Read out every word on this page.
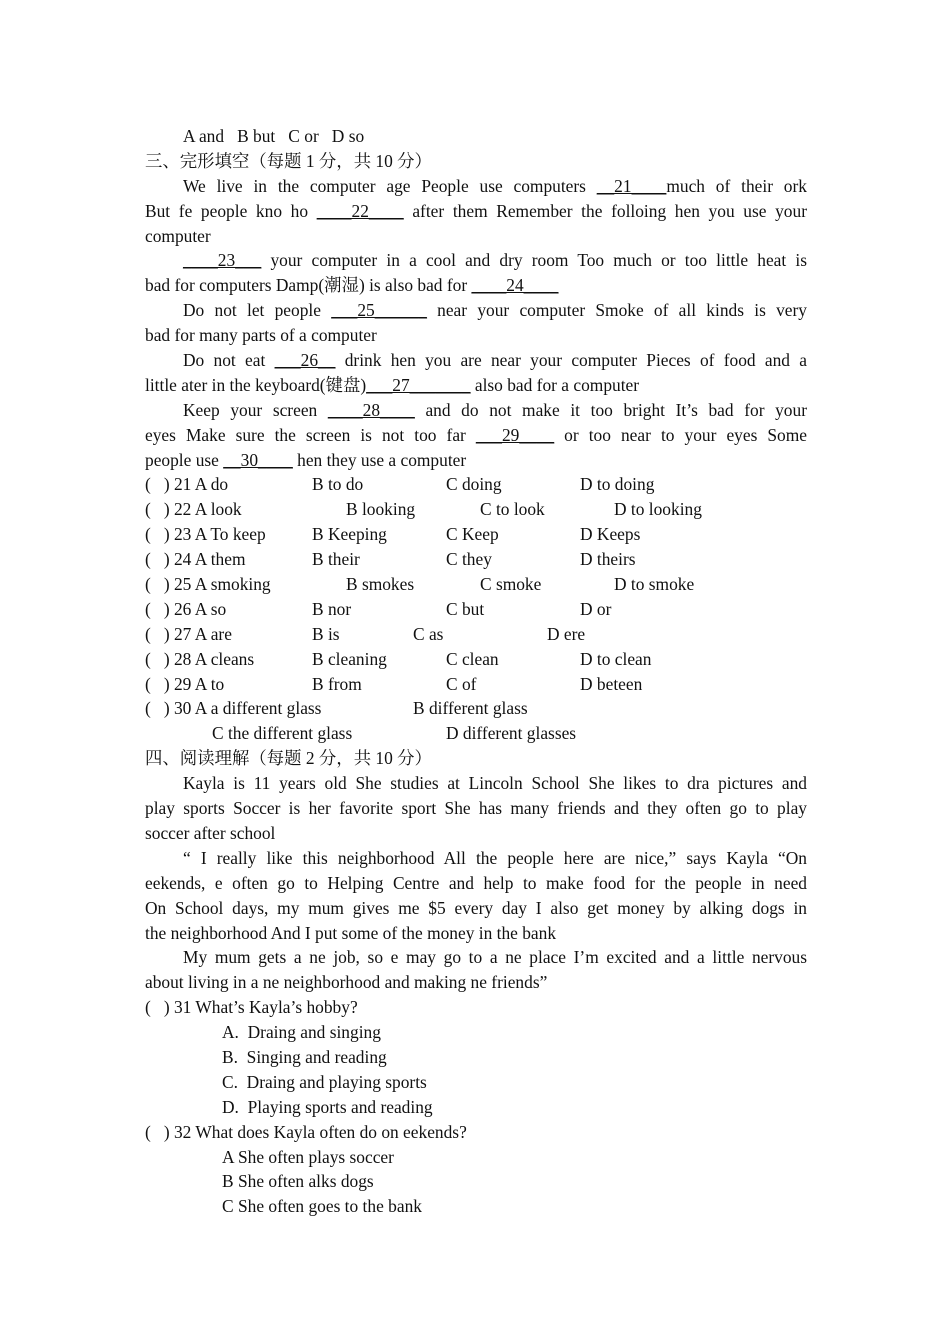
A and   B but   C or   D so
三、完形填空（每题 1 分，共 10 分）
We live in the computer age People use computers __21____much of their ork
But fe people kno ho ____22____ after them Remember the folloing hen you use your
computer
____23___ your computer in a cool and dry room Too much or too little heat is
bad for computers Damp(潮湿) is also bad for ____24____
Do not let people ___25______ near your computer Smoke of all kinds is very
bad for many parts of a computer
Do not eat ___26__ drink hen you are near your computer Pieces of food and a
little ater in the keyboard(键盘)___27_______ also bad for a computer
Keep your screen ____28____ and do not make it too bright It’s bad for your
eyes Make sure the screen is not too far ___29____ or too near to your eyes Some
people use __30____ hen they use a computer

(   ) 21 A do

	B to do

	C doing

	D to doing

(   ) 22 A look

	B looking

	C to look

	D to looking

(   ) 23 A To keep

	B Keeping

	C Keep

	D Keeps

(   ) 24 A them

	B their

	C they

	D theirs

(   ) 25 A smoking

	B smokes

	C smoke

	D to smoke

(   ) 26 A so

	B nor

	C but

	D or

(   ) 27 A are

	B is

	C as

	D ere

(   ) 28 A cleans

	B cleaning

	C clean

	D to clean

(   ) 29 A to

	B from

	C of

	D beteen

(   ) 30 A a different glass

	B different glass

C the different glass

	D different glasses

四、阅读理解（每题 2 分，共 10 分）
Kayla is 11 years old She studies at Lincoln School She likes to dra pictures and
play sports Soccer is her favorite sport She has many friends and they often go to play
soccer after school
“ I really like this neighborhood All the people here are nice,” says Kayla “On
eekends, e often go to Helping Centre and help to make food for the people in need
On School days, my mum gives me $5 every day I also get money by alking dogs in
the neighborhood And I put some of the money in the bank
My mum gets a ne job, so e may go to a ne place I’m excited and a little nervous
about living in a ne neighborhood and making ne friends”
(   ) 31 What’s Kayla’s hobby?
A.  Draing and singing
B.  Singing and reading
C.  Draing and playing sports
D.  Playing sports and reading
(   ) 32 What does Kayla often do on eekends?
A She often plays soccer
B She often alks dogs
C She often goes to the bank
